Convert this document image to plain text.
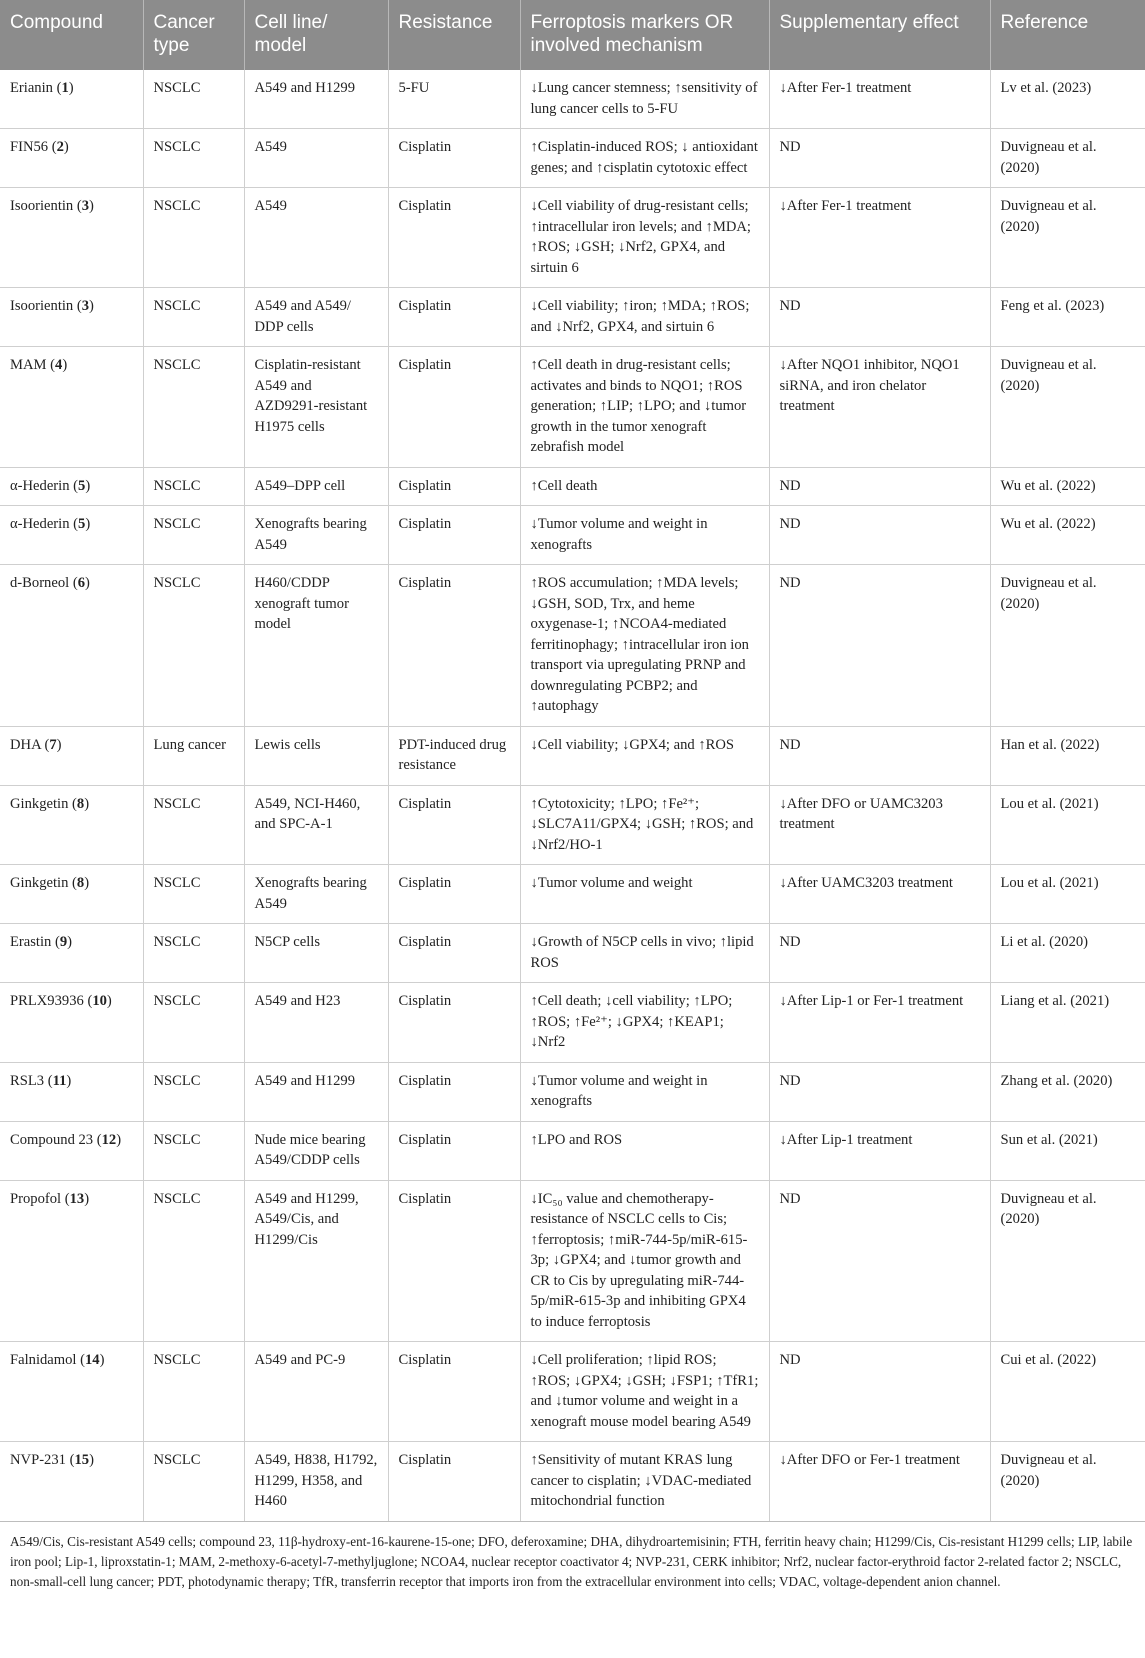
Compound	Cancer type	Cell line/ model	Resistance	Ferroptosis markers OR involved mechanism	Supplementary effect	Reference
Erianin (1)	NSCLC	A549 and H1299	5-FU	↓Lung cancer stemness; ↑sensitivity of lung cancer cells to 5-FU	↓After Fer-1 treatment	Lv et al. (2023)
FIN56 (2)	NSCLC	A549	Cisplatin	↑Cisplatin-induced ROS; ↓ antioxidant genes; and ↑cisplatin cytotoxic effect	ND	Duvigneau et al. (2020)
Isoorientin (3)	NSCLC	A549	Cisplatin	↓Cell viability of drug-resistant cells; ↑intracellular iron levels; and ↑MDA; ↑ROS; ↓GSH; ↓Nrf2, GPX4, and sirtuin 6	↓After Fer-1 treatment	Duvigneau et al. (2020)
Isoorientin (3)	NSCLC	A549 and A549/ DDP cells	Cisplatin	↓Cell viability; ↑iron; ↑MDA; ↑ROS; and ↓Nrf2, GPX4, and sirtuin 6	ND	Feng et al. (2023)
MAM (4)	NSCLC	Cisplatin-resistant A549 and AZD9291-resistant H1975 cells	Cisplatin	↑Cell death in drug-resistant cells; activates and binds to NQO1; ↑ROS generation; ↑LIP; ↑LPO; and ↓tumor growth in the tumor xenograft zebrafish model	↓After NQO1 inhibitor, NQO1 siRNA, and iron chelator treatment	Duvigneau et al. (2020)
α-Hederin (5)	NSCLC	A549–DPP cell	Cisplatin	↑Cell death	ND	Wu et al. (2022)
α-Hederin (5)	NSCLC	Xenografts bearing A549	Cisplatin	↓Tumor volume and weight in xenografts	ND	Wu et al. (2022)
d-Borneol (6)	NSCLC	H460/CDDP xenograft tumor model	Cisplatin	↑ROS accumulation; ↑MDA levels; ↓GSH, SOD, Trx, and heme oxygenase-1; ↑NCOA4-mediated ferritinophagy; ↑intracellular iron ion transport via upregulating PRNP and downregulating PCBP2; and ↑autophagy	ND	Duvigneau et al. (2020)
DHA (7)	Lung cancer	Lewis cells	PDT-induced drug resistance	↓Cell viability; ↓GPX4; and ↑ROS	ND	Han et al. (2022)
Ginkgetin (8)	NSCLC	A549, NCI-H460, and SPC-A-1	Cisplatin	↑Cytotoxicity; ↑LPO; ↑Fe²⁺; ↓SLC7A11/GPX4; ↓GSH; ↑ROS; and ↓Nrf2/HO-1	↓After DFO or UAMC3203 treatment	Lou et al. (2021)
Ginkgetin (8)	NSCLC	Xenografts bearing A549	Cisplatin	↓Tumor volume and weight	↓After UAMC3203 treatment	Lou et al. (2021)
Erastin (9)	NSCLC	N5CP cells	Cisplatin	↓Growth of N5CP cells in vivo; ↑lipid ROS	ND	Li et al. (2020)
PRLX93936 (10)	NSCLC	A549 and H23	Cisplatin	↑Cell death; ↓cell viability; ↑LPO; ↑ROS; ↑Fe²⁺; ↓GPX4; ↑KEAP1; ↓Nrf2	↓After Lip-1 or Fer-1 treatment	Liang et al. (2021)
RSL3 (11)	NSCLC	A549 and H1299	Cisplatin	↓Tumor volume and weight in xenografts	ND	Zhang et al. (2020)
Compound 23 (12)	NSCLC	Nude mice bearing A549/CDDP cells	Cisplatin	↑LPO and ROS	↓After Lip-1 treatment	Sun et al. (2021)
Propofol (13)	NSCLC	A549 and H1299, A549/Cis, and H1299/Cis	Cisplatin	↓IC₅₀ value and chemotherapy-resistance of NSCLC cells to Cis; ↑ferroptosis; ↑miR-744-5p/miR-615-3p; ↓GPX4; and ↓tumor growth and CR to Cis by upregulating miR-744-5p/miR-615-3p and inhibiting GPX4 to induce ferroptosis	ND	Duvigneau et al. (2020)
Falnidamol (14)	NSCLC	A549 and PC-9	Cisplatin	↓Cell proliferation; ↑lipid ROS; ↑ROS; ↓GPX4; ↓GSH; ↓FSP1; ↑TfR1; and ↓tumor volume and weight in a xenograft mouse model bearing A549	ND	Cui et al. (2022)
NVP-231 (15)	NSCLC	A549, H838, H1792, H1299, H358, and H460	Cisplatin	↑Sensitivity of mutant KRAS lung cancer to cisplatin; ↓VDAC-mediated mitochondrial function	↓After DFO or Fer-1 treatment	Duvigneau et al. (2020)
A549/Cis, Cis-resistant A549 cells; compound 23, 11β-hydroxy-ent-16-kaurene-15-one; DFO, deferoxamine; DHA, dihydroartemisinin; FTH, ferritin heavy chain; H1299/Cis, Cis-resistant H1299 cells; LIP, labile iron pool; Lip-1, liproxstatin-1; MAM, 2-methoxy-6-acetyl-7-methyljuglone; NCOA4, nuclear receptor coactivator 4; NVP-231, CERK inhibitor; Nrf2, nuclear factor-erythroid factor 2-related factor 2; NSCLC, non-small-cell lung cancer; PDT, photodynamic therapy; TfR, transferrin receptor that imports iron from the extracellular environment into cells; VDAC, voltage-dependent anion channel.
